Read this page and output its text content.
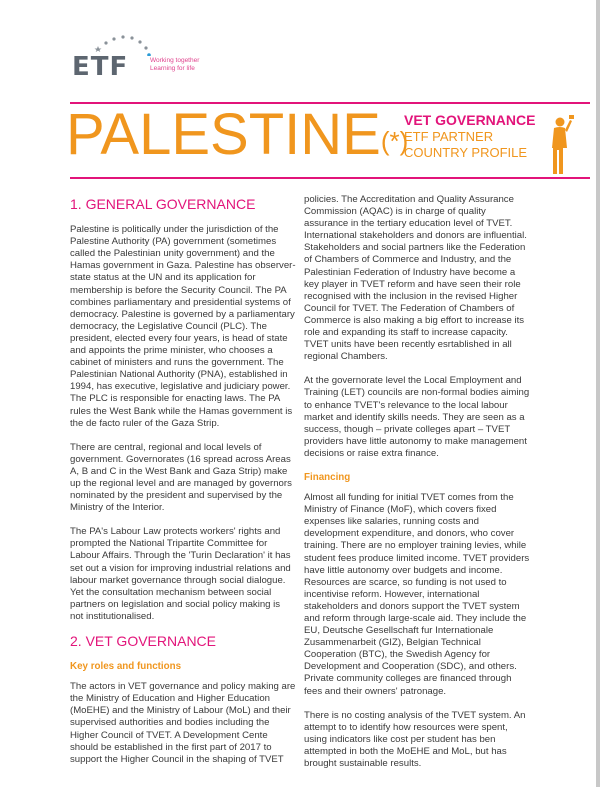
ETF	Working together
Learning for life
PALESTINE(*)
VET GOVERNANCE
ETF PARTNER
COUNTRY PROFILE
1. GENERAL GOVERNANCE

Palestine is politically under the jurisdiction of the Palestine Authority (PA) government (sometimes called the Palestinian unity government) and the Hamas government in Gaza. Palestine has observer-state status at the UN and its application for membership is before the Security Council. The PA combines parliamentary and presidential systems of democracy. Palestine is governed by a parliamentary democracy, the Legislative Council (PLC). The president, elected every four years, is head of state and appoints the prime minister, who chooses a cabinet of ministers and runs the government. The Palestinian National Authority (PNA), established in 1994, has executive, legislative and judiciary power. The PLC is responsible for enacting laws. The PA rules the West Bank while the Hamas government is the de facto ruler of the Gaza Strip.

There are central, regional and local levels of government. Governorates (16 spread across Areas A, B and C in the West Bank and Gaza Strip) make up the regional level and are managed by governors nominated by the president and supervised by the Ministry of the Interior.

The PA's Labour Law protects workers' rights and prompted the National Tripartite Committee for Labour Affairs. Through the 'Turin Declaration' it has set out a vision for improving industrial relations and labour market governance through social dialogue. Yet the consultation mechanism between social partners on legislation and social policy making is not institutionalised.

2. VET GOVERNANCE
Key roles and functions

The actors in VET governance and policy making are the Ministry of Education and Higher Education (MoEHE) and the Ministry of Labour (MoL) and their supervised authorities and bodies including the Higher Council of TVET. A Development Cente should be established in the first part of 2017 to support the Higher Council in the shaping of TVET

policies. The Accreditation and Quality Assurance Commission (AQAC) is in charge of quality assurance in the tertiary education level of TVET. International stakeholders and donors are influential. Stakeholders and social partners like the Federation of Chambers of Commerce and Industry, and the Palestinian Federation of Industry have become a key player in TVET reform and have seen their role recognised with the inclusion in the revised Higher Council for TVET. The Federation of Chambers of Commerce is also making a big effort to increase its role and expanding its staff to increase capacity. TVET units have been recently esrtablished in all regional Chambers.

At the governorate level the Local Employment and Training (LET) councils are non-formal bodies aiming to enhance TVET's relevance to the local labour market and identify skills needs. They are seen as a success, though – private colleges apart – TVET providers have little autonomy to make management decisions or raise extra finance.

Financing

Almost all funding for initial TVET comes from the Ministry of Finance (MoF), which covers fixed expenses like salaries, running costs and development expenditure, and donors, who cover training. There are no employer training levies, while student fees produce limited income. TVET providers have little autonomy over budgets and income. Resources are scarce, so funding is not used to incentivise reform. However, international stakeholders and donors support the TVET system and reform through large-scale aid. They include the EU, Deutsche Gesellschaft fur Internationale Zusammenarbeit (GIZ), Belgian Technical Cooperation (BTC), the Swedish Agency for Development and Cooperation (SDC), and others. Private community colleges are financed through fees and their owners' patronage.

There is no costing analysis of the TVET system. An attempt to to identify how resources were spent, using indicators like cost per student has ben attempted in both the MoEHE and MoL, but has brought sustainable results.
